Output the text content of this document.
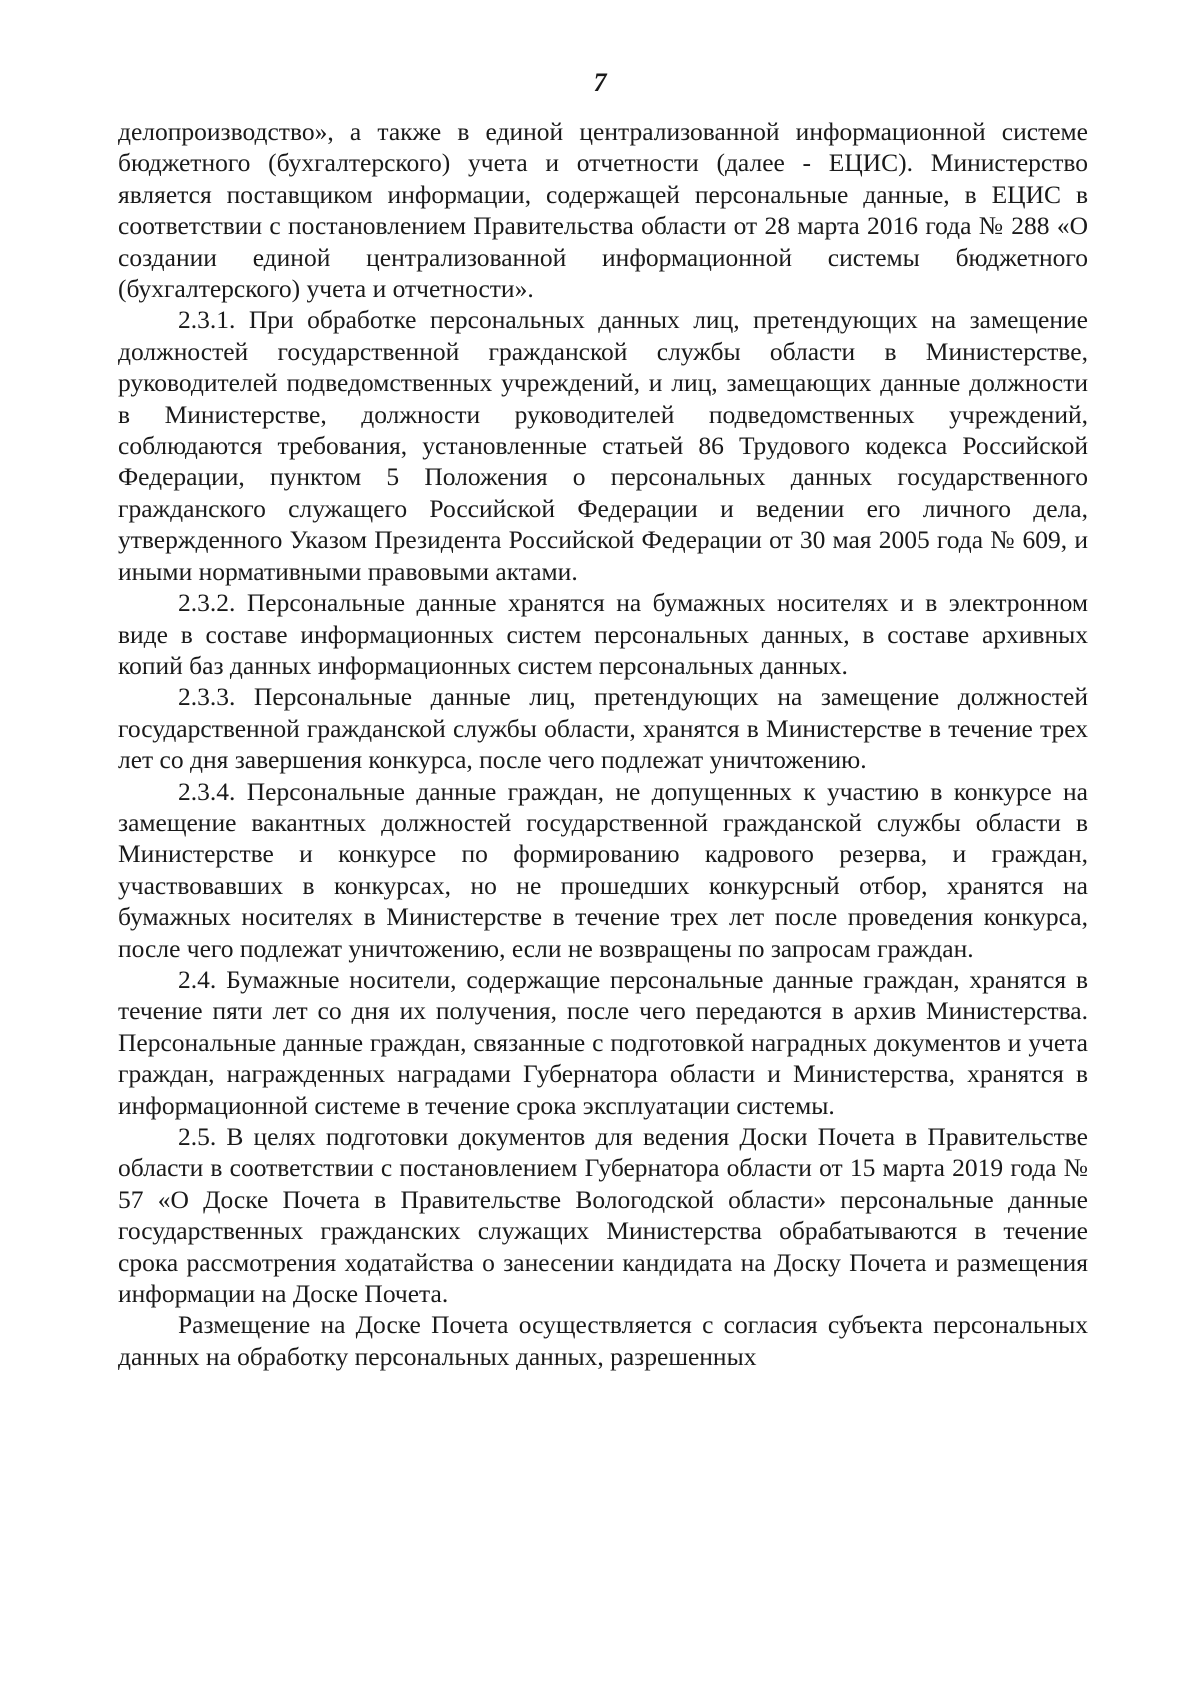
7

делопроизводство», а также в единой централизованной информационной системе бюджетного (бухгалтерского) учета и отчетности (далее - ЕЦИС). Министерство является поставщиком информации, содержащей персональные данные, в ЕЦИС в соответствии с постановлением Правительства области от 28 марта 2016 года № 288 «О создании единой централизованной информационной системы бюджетного (бухгалтерского) учета и отчетности».

2.3.1. При обработке персональных данных лиц, претендующих на замещение должностей государственной гражданской службы области в Министерстве, руководителей подведомственных учреждений, и лиц, замещающих данные должности в Министерстве, должности руководителей подведомственных учреждений, соблюдаются требования, установленные статьей 86 Трудового кодекса Российской Федерации, пунктом 5 Положения о персональных данных государственного гражданского служащего Российской Федерации и ведении его личного дела, утвержденного Указом Президента Российской Федерации от 30 мая 2005 года № 609, и иными нормативными правовыми актами.

2.3.2. Персональные данные хранятся на бумажных носителях и в электронном виде в составе информационных систем персональных данных, в составе архивных копий баз данных информационных систем персональных данных.

2.3.3. Персональные данные лиц, претендующих на замещение должностей государственной гражданской службы области, хранятся в Министерстве в течение трех лет со дня завершения конкурса, после чего подлежат уничтожению.

2.3.4. Персональные данные граждан, не допущенных к участию в конкурсе на замещение вакантных должностей государственной гражданской службы области в Министерстве и конкурсе по формированию кадрового резерва, и граждан, участвовавших в конкурсах, но не прошедших конкурсный отбор, хранятся на бумажных носителях в Министерстве в течение трех лет после проведения конкурса, после чего подлежат уничтожению, если не возвращены по запросам граждан.

2.4. Бумажные носители, содержащие персональные данные граждан, хранятся в течение пяти лет со дня их получения, после чего передаются в архив Министерства. Персональные данные граждан, связанные с подготовкой наградных документов и учета граждан, награжденных наградами Губернатора области и Министерства, хранятся в информационной системе в течение срока эксплуатации системы.

2.5. В целях подготовки документов для ведения Доски Почета в Правительстве области в соответствии с постановлением Губернатора области от 15 марта 2019 года № 57 «О Доске Почета в Правительстве Вологодской области» персональные данные государственных гражданских служащих Министерства обрабатываются в течение срока рассмотрения ходатайства о занесении кандидата на Доску Почета и размещения информации на Доске Почета.

Размещение на Доске Почета осуществляется с согласия субъекта персональных данных на обработку персональных данных, разрешенных
